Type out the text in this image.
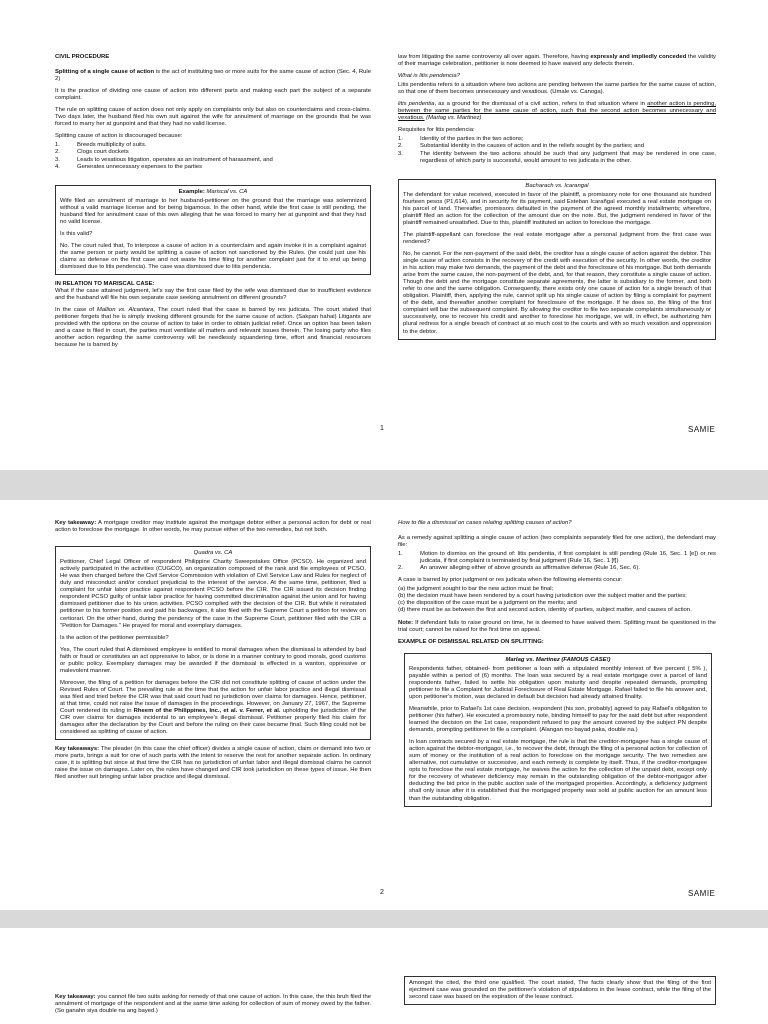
CIVIL PROCEDURE

Splitting of a single cause of action is the act of instituting two or more suits for the same cause of action (Sec. 4, Rule 2)

It is the practice of dividing one cause of action into different parts and making each part the subject of a separate complaint.

The rule on splitting cause of action does not only apply on complaints only but also on counterclaims and cross-claims. Two days later, the husband filed his own suit against the wife for annulment of marriage on the grounds that he was forced to marry her at gunpoint and that they had no valid license.

Splitting cause of action is discouraged because:

1.	Breeds multiplicity of suits.
2.	Clogs court dockets
3.	Leads to vexatious litigation, operates as an instrument of harassment, and
4.	Generates unnecessary expenses to the parties
Example: Mariscal vs. CA

Wife filed an annulment of marriage to her husband-petitioner on the ground that the marriage was solemnized without a valid marriage license and for being bigamous. In the other hand, while the first case is still pending, the husband filed for annulment case of this own alleging that he was forced to marry her at gunpoint and that they had no valid license.

Is this valid?

No. The court ruled that, To interpose a cause of action in a counterclaim and again invoke it in a complaint against the same person or party would be splitting a cause of action not sanctioned by the Rules. (he could just use his claims as defense on the first case and not waste his time filing for another complaint just for it to end up being dismissed due to litis pendencia). The case was dismissed due to litis pendencia.

IN RELATION TO MARISCAL CASE:

What if the case attained judgment, let's say the first case filed by the wife was dismissed due to insufficient evidence and the husband will file his own separate case seeking annulment on different grounds?

In the case of Mallion vs. Alcantara, The court ruled that the case is barred by res judicata. The court stated that petitioner forgets that he is simply invoking different grounds for the same cause of action. (Sakpan hahai) Litigants are provided with the options on the course of action to take in order to obtain judicial relief. Once an option has been taken and a case is filed in court, the parties must ventilate all matters and relevant issues therein. The losing party who files another action regarding the same controversy will be needlessly squandering time, effort and financial resources because he is barred by

law from litigating the same controversy all over again. Therefore, having expressly and impliedly conceded the validity of their marriage celebration, petitioner is now deemed to have waived any defects therein.

What is litis pendencia?

Litis pendentia refers to a situation where two actions are pending between the same parties for the same cause of action, so that one of them becomes unnecessary and vexatious. (Umale vs. Canoga).

litis pendentia, as a ground for the dismissal of a civil action, refers to that situation where in another action is pending, between the same parties for the same cause of action, such that the second action becomes unnecessary and vexatious. (Marlag vs. Martinez)

Requisites for litis pendencia:

1.	Identity of the parties in the two actions;
2.	Substantial identity in the causes of action and in the reliefs sought by the parties; and
3.	The identity between the two actions should be such that any judgment that may be rendered in one case, regardless of which party is successful, would amount to res judicata in the other.
Bacharach vs. Icarangal

The defendant for value received, executed in favor of the plaintiff, a promissory note for one thousand six hundred fourteen pesos (P1,614), and in security for its payment, said Esteban Icarañgal executed a real estate mortgage on his parcel of land. Thereafter, promissors defaulted in the payment of the agreed monthly installments; wherefore, plaintiff filed an action for the collection of the amount due on the note. But, the judgment rendered in favor of the plaintiff remained unsatisfied. Due to this, plaintiff instituted an action to foreclose the mortgage.

The plaintiff-appellant can foreclose the real estate mortgage after a personal judgment from the first case was rendered?

No, he cannot. For the non-payment of the said debt, the creditor has a single cause of action against the debtor. This single cause of action consists in the recovery of the credit with execution of the security. In other words, the creditor in his action may make two demands, the payment of the debt and the foreclosure of his mortgage. But both demands arise from the same cause, the non-payment of the debt, and, for that reason, they constitute a single cause of action. Though the debt and the mortgage constitute separate agreements, the latter is subsidiary to the former, and both refer to one and the same obligation. Consequently, there exists only one cause of action for a single breach of that obligation. Plaintiff, then, applying the rule, cannot split up his single cause of action by filing a complaint for payment of the debt, and thereafter another complaint for foreclosure of the mortgage. If he does so, the filing of the first complaint will bar the subsequent complaint. By allowing the creditor to file two separate complaints simultaneously or successively, one to recover his credit and another to foreclose his mortgage, we will, in effect, be authorizing him plural redress for a single breach of contract at so much cost to the courts and with so much vexation and oppression to the debtor.

1	SAMIE

Key takeaway: A mortgage creditor may institute against the mortgage debtor either a personal action for debt or real action to foreclose the mortgage. In other words, he may pursue either of the two remedies, but not both.

Quadra vs. CA

Petitioner, Chief Legal Officer of respondent Philippine Charity Sweepstakes Office (PCSO). He organized and actively participated in the activities (CUGCO), an organization composed of the rank and file employees of PCSO. He was then charged before the Civil Service Commission with violation of Civil Service Law and Rules for neglect of duty and misconduct and/or conduct prejudicial to the interest of the service. At the same time, petitioner, filed a complaint for unfair labor practice against respondent PCSO before the CIR. The CIR issued its decision finding respondent PCSO guilty of unfair labor practice for having committed discrimination against the union and for having dismissed petitioner due to his union activities. PCSO complied with the decision of the CIR. But while it reinstated petitioner to his former position and paid his backwages, it also filed with the Supreme Court a petition for review on certiorari. On the other hand, during the pendency of the case in the Supreme Court, petitioner filed with the CIR a "Petition for Damages." He prayed for moral and exemplary damages.

Is the action of the petitioner permissible?

Yes, The court ruled that A dismissed employee is entitled to moral damages when the dismissal is attended by bad faith or fraud or constitutes an act oppressive to labor, or is done in a manner contrary to good morals, good customs or public policy. Exemplary damages may be awarded if the dismissal is effected in a wanton, oppressive or malevolent manner.

Moreover, the filing of a petition for damages before the CIR did not constitute splitting of cause of action under the Revised Rules of Court. The prevailing rule at the time that the action for unfair labor practice and illegal dismissal was filed and tried before the CIR was that said court had no jurisdiction over claims for damages. Hence, petitioner, at that time, could not raise the issue of damages in the proceedings. However, on January 27, 1967, the Supreme Court rendered its ruling in Rheem of the Philippines, Inc., et al. v. Ferrer, et al. upholding the jurisdiction of the CIR over claims for damages incidental to an employee's illegal dismissal. Petitioner properly filed his claim for damages after the declaration by the Court and before the ruling on their case became final. Such filing could not be considered as splitting of cause of action.

Key takeaways: The pleader (in this case the chief officer) divides a single cause of action, claim or demand into two or more parts, brings a suit for one of such parts with the intent to reserve the rest for another separate action. In ordinary case, it is splitting but since at that time the CIR has no jurisdiction of unfair labor and illegal dismissal claims he cannot raise the issue on damages. Later on, the rules have changed and CIR took jurisdiction on these types of issue. He then filed another suit bringing unfair labor practice and illegal dismissal.

How to file a dismissal on cases relating splitting causes of action?

As a remedy against splitting a single cause of action (two complaints separately filed for one action), the defendant may file:

1.	Motion to dismiss on the ground of: litis pendentia, if first complaint is still pending (Rule 16, Sec. 1 [e]) or res judicata, if first complaint is terminated by final judgment (Rule 16, Sec. 1 [f])
2.	An answer alleging either of above grounds as affirmative defense (Rule 16, Sec. 6).

A case is barred by prior judgment or res judicata when the following elements concur:

(a) the judgment sought to bar the new action must be final;
(b) the decision must have been rendered by a court having jurisdiction over the subject matter and the parties;
(c) the disposition of the case must be a judgment on the merits; and
(d) there must be as between the first and second action, identity of parties, subject matter, and causes of action.

Note: If defendant fails to raise ground on time, he is deemed to have waived them. Splitting must be questioned in the trial court; cannot be raised for the first time on appeal.

EXAMPLE OF DISMISSAL RELATED ON SPLITTING:

Marlag vs. Martinez (FAMOUS CASE!)

Respondents father, obtained- from petitioner a loan with a stipulated monthly interest of five percent ( 5% ), payable within a period of (6) months. The loan was secured by a real estate mortgage over a parcel of land respondents father, failed to settle his obligation upon maturity and despite repeated demands, prompting petitioner to file a Complaint for Judicial Foreclosure of Real Estate Mortgage. Rafael failed to file his answer and, upon petitioner's motion, was declared in default but decision had already attained finality.

Meanwhile, prior to Rafael's 1st case decision, respondent (his son, probably) agreed to pay Rafael's obligation to petitioner (his father). He executed a promissory note, binding himself to pay for the said debt but after respondent learned the decision on the 1st case, respondent refused to pay the amount covered by the subject PN despite demands, prompting petitioner to file a complaint. (Alangan mo bayad paka, double na.)

In loan contracts secured by a real estate mortgage, the rule is that the creditor-mortgagee has a single cause of action against the debtor-mortgagor, i.e., to recover the debt, through the filing of a personal action for collection of sum of money or the institution of a real action to foreclose on the mortgage security. The two remedies are alternative, not cumulative or successive, and each remedy is complete by itself. Thus, if the creditor-mortgagee opts to foreclose the real estate mortgage, he waives the action for the collection of the unpaid debt, except only for the recovery of whatever deficiency may remain in the outstanding obligation of the debtor-mortgagor after deducting the bid price in the public auction sale of the mortgaged properties. Accordingly, a deficiency judgment shall only issue after it is established that the mortgaged property was sold at public auction for an amount less than the outstanding obligation.

2	SAMIE

Key takeaway: you cannot file two suits asking for remedy of that one cause of action. In this case, the this bruh filed the annulment of mortgage of the respondent and at the same time asking for collection of sum of money owed by the father. (So ganahn siya double na ang bayed.)

Amongst the cited, the third one qualified. The court stated, The facts clearly show that the filing of the first ejectment case was grounded on the petitioner's violation of stipulations in the lease contract, while the filing of the second case was based on the expiration of the lease contract.
